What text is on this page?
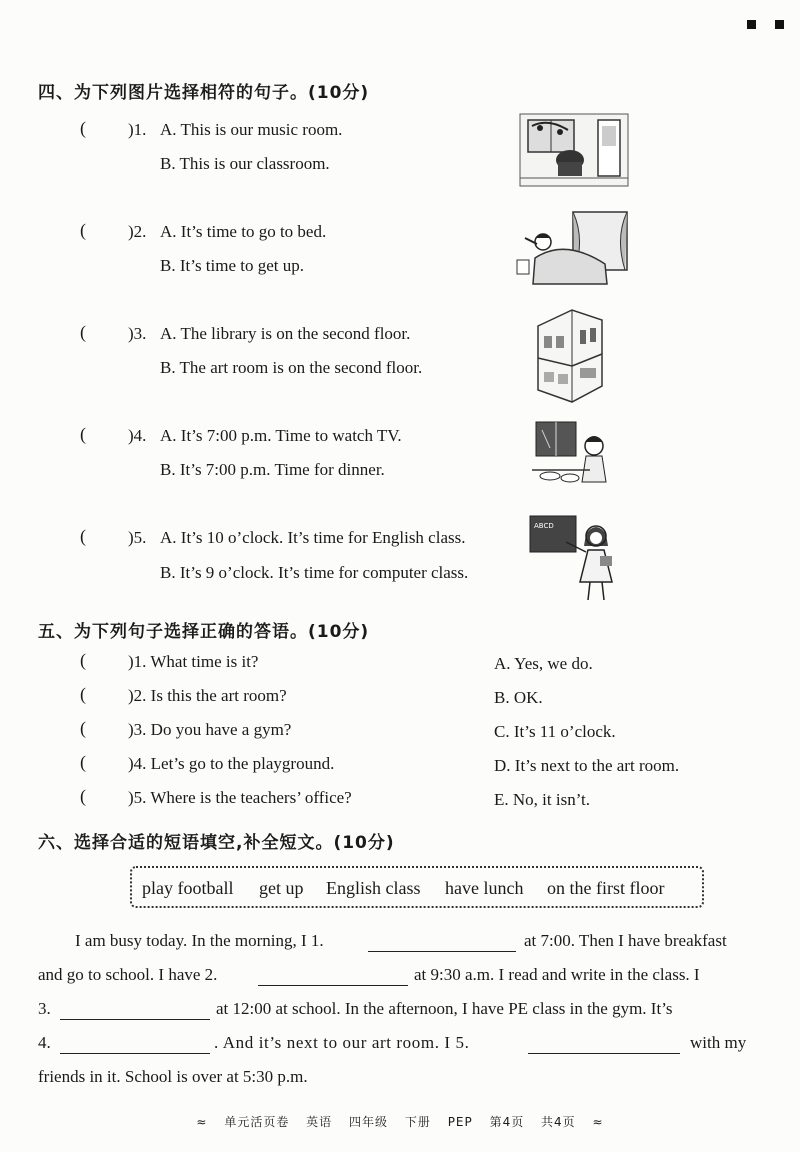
四、为下列图片选择相符的句子。(10分)
( )1. A. This is our music room.
B. This is our classroom.
( )2. A. It’s time to go to bed.
B. It’s time to get up.
( )3. A. The library is on the second floor.
B. The art room is on the second floor.
( )4. A. It’s 7:00 p.m. Time to watch TV.
B. It’s 7:00 p.m. Time for dinner.
( )5. A. It’s 10 o’clock. It’s time for English class.
B. It’s 9 o’clock. It’s time for computer class.
ABCD
五、为下列句子选择正确的答语。(10分)
( )1. What time is it?	A. Yes, we do.
( )2. Is this the art room?	B. OK.
( )3. Do you have a gym?	C. It’s 11 o’clock.
( )4. Let’s go to the playground.	D. It’s next to the art room.
( )5. Where is the teachers’ office?	E. No, it isn’t.
六、选择合适的短语填空,补全短文。(10分)
play football get up English class have lunch on the first floor
I am busy today. In the morning, I 1.	at 7:00. Then I have breakfast
and go to school. I have 2.	at 9:30 a.m. I read and write in the class. I
3.	at 12:00 at school. In the afternoon, I have PE class in the gym. It’s
4.	. And it’s next to our art room. I 5.	with my
friends in it. School is over at 5:30 p.m.
≈ 单元活页卷 英语 四年级 下册 PEP 第4页 共4页 ≈
